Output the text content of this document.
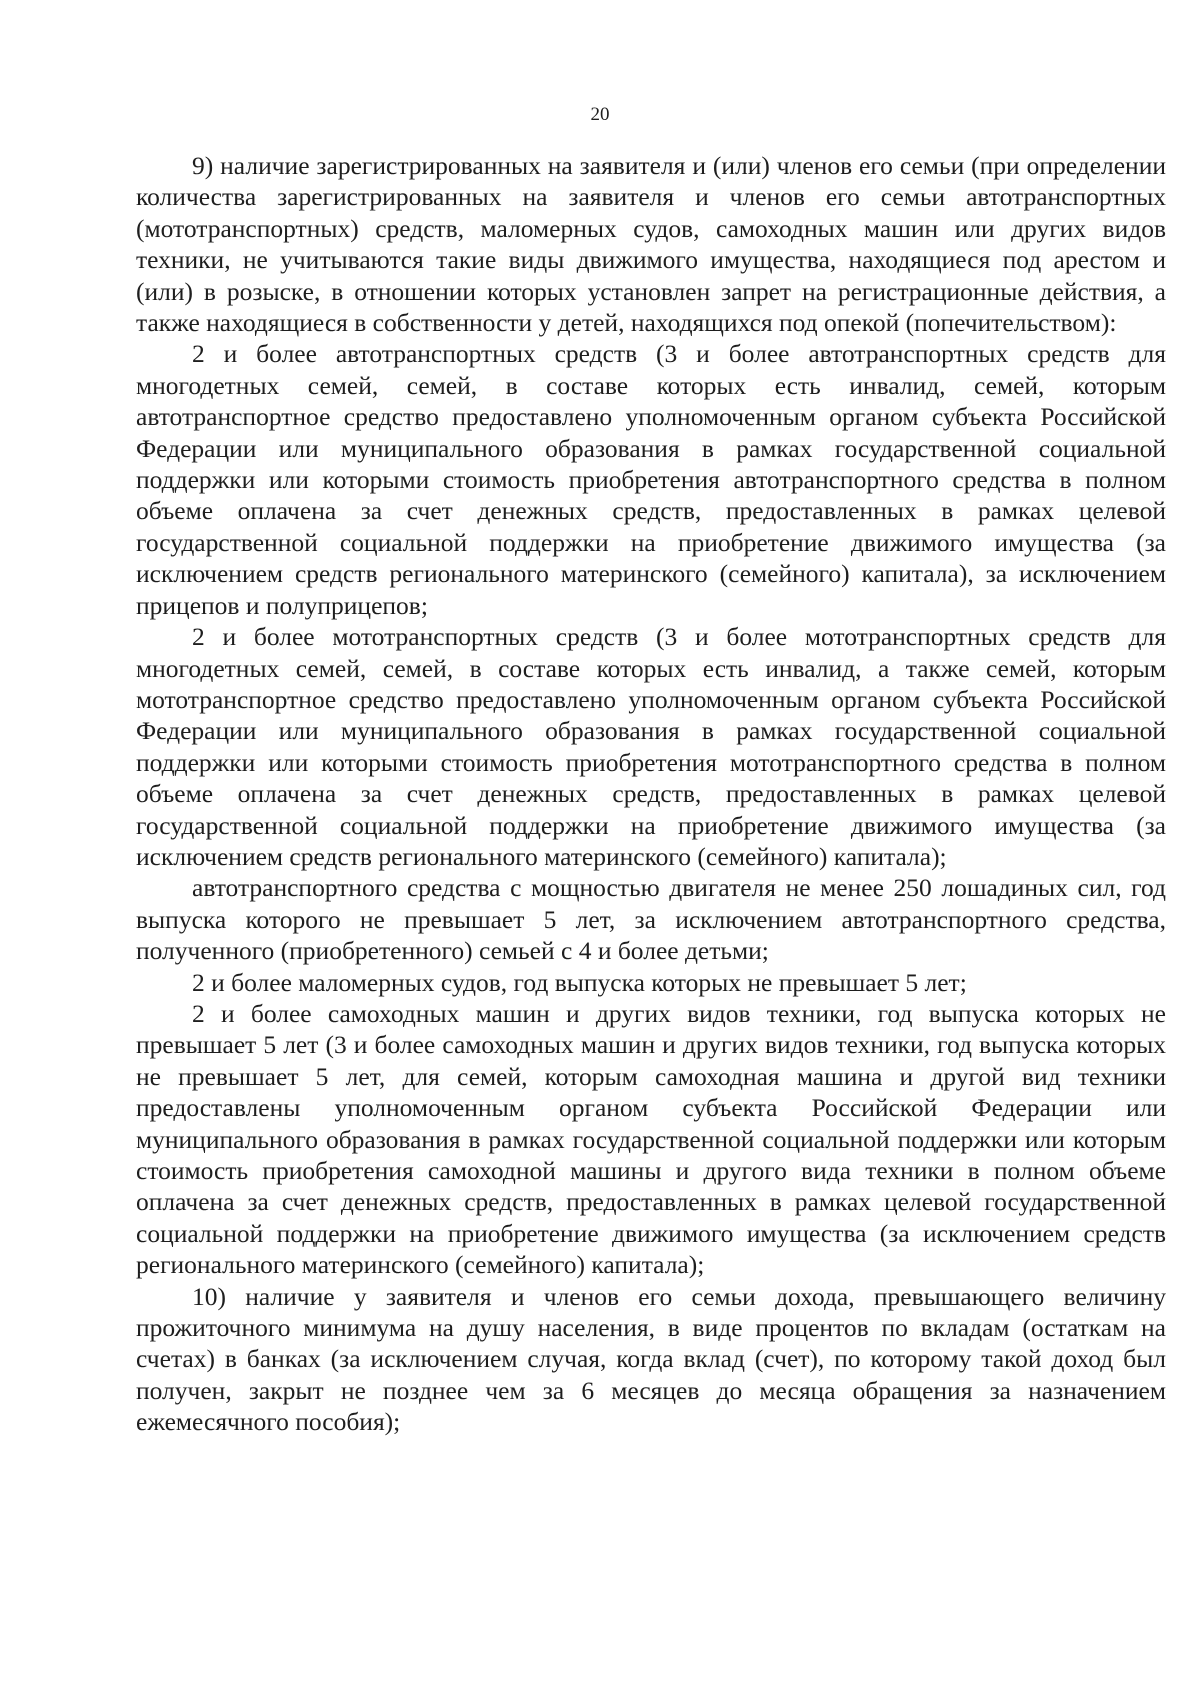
20

9) наличие зарегистрированных на заявителя и (или) членов его семьи (при определении количества зарегистрированных на заявителя и членов его семьи автотранспортных (мототранспортных) средств, маломерных судов, самоходных машин или других видов техники, не учитываются такие виды движимого имущества, находящиеся под арестом и (или) в розыске, в отношении которых установлен запрет на регистрационные действия, а также находящиеся в собственности у детей, находящихся под опекой (попечительством):

2 и более автотранспортных средств (3 и более автотранспортных средств для многодетных семей, семей, в составе которых есть инвалид, семей, которым автотранспортное средство предоставлено уполномоченным органом субъекта Российской Федерации или муниципального образования в рамках государственной социальной поддержки или которыми стоимость приобретения автотранспортного средства в полном объеме оплачена за счет денежных средств, предоставленных в рамках целевой государственной социальной поддержки на приобретение движимого имущества (за исключением средств регионального материнского (семейного) капитала), за исключением прицепов и полуприцепов;

2 и более мототранспортных средств (3 и более мототранспортных средств для многодетных семей, семей, в составе которых есть инвалид, а также семей, которым мототранспортное средство предоставлено уполномоченным органом субъекта Российской Федерации или муниципального образования в рамках государственной социальной поддержки или которыми стоимость приобретения мототранспортного средства в полном объеме оплачена за счет денежных средств, предоставленных в рамках целевой государственной социальной поддержки на приобретение движимого имущества (за исключением средств регионального материнского (семейного) капитала);

автотранспортного средства с мощностью двигателя не менее 250 лошадиных сил, год выпуска которого не превышает 5 лет, за исключением автотранспортного средства, полученного (приобретенного) семьей с 4 и более детьми;

2 и более маломерных судов, год выпуска которых не превышает 5 лет;

2 и более самоходных машин и других видов техники, год выпуска которых не превышает 5 лет (3 и более самоходных машин и других видов техники, год выпуска которых не превышает 5 лет, для семей, которым самоходная машина и другой вид техники предоставлены уполномоченным органом субъекта Российской Федерации или муниципального образования в рамках государственной социальной поддержки или которым стоимость приобретения самоходной машины и другого вида техники в полном объеме оплачена за счет денежных средств, предоставленных в рамках целевой государственной социальной поддержки на приобретение движимого имущества (за исключением средств регионального материнского (семейного) капитала);

10) наличие у заявителя и членов его семьи дохода, превышающего величину прожиточного минимума на душу населения, в виде процентов по вкладам (остаткам на счетах) в банках (за исключением случая, когда вклад (счет), по которому такой доход был получен, закрыт не позднее чем за 6 месяцев до месяца обращения за назначением ежемесячного пособия);
